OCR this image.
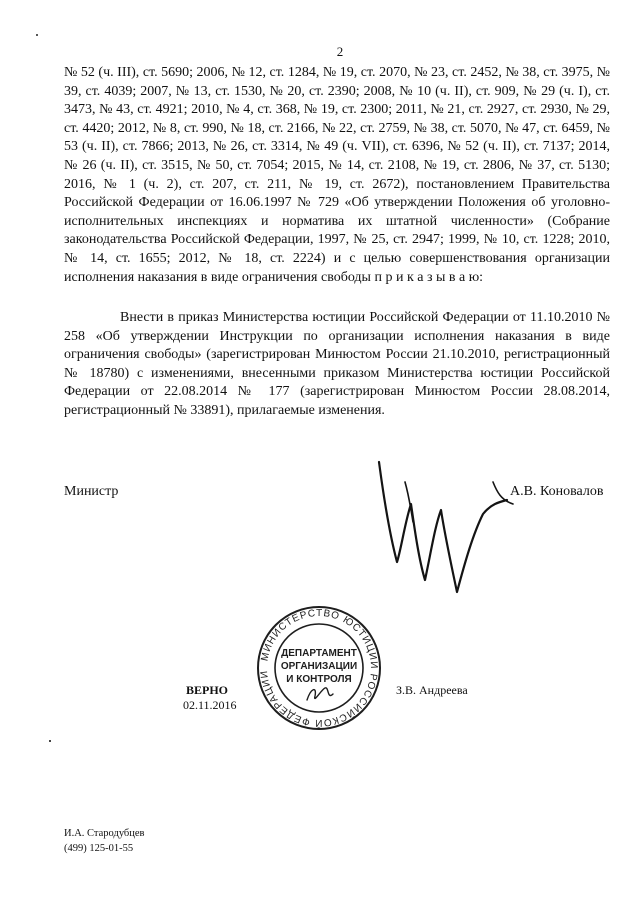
2

№ 52 (ч. III), ст. 5690; 2006, № 12, ст. 1284, № 19, ст. 2070, № 23, ст. 2452, № 38, ст. 3975, № 39, ст. 4039; 2007, № 13, ст. 1530, № 20, ст. 2390; 2008, № 10 (ч. II), ст. 909, № 29 (ч. I), ст. 3473, № 43, ст. 4921; 2010, № 4, ст. 368, № 19, ст. 2300; 2011, № 21, ст. 2927, ст. 2930, № 29, ст. 4420; 2012, № 8, ст. 990, № 18, ст. 2166, № 22, ст. 2759, № 38, ст. 5070, № 47, ст. 6459, № 53 (ч. II), ст. 7866; 2013, № 26, ст. 3314, № 49 (ч. VII), ст. 6396, № 52 (ч. II), ст. 7137; 2014, № 26 (ч. II), ст. 3515, № 50, ст. 7054; 2015, № 14, ст. 2108, № 19, ст. 2806, № 37, ст. 5130; 2016, № 1 (ч. 2), ст. 207, ст. 211, № 19, ст. 2672), постановлением Правительства Российской Федерации от 16.06.1997 № 729 «Об утверждении Положения об уголовно-исполнительных инспекциях и норматива их штатной численности» (Собрание законодательства Российской Федерации, 1997, № 25, ст. 2947; 1999, № 10, ст. 1228; 2010, № 14, ст. 1655; 2012, № 18, ст. 2224) и с целью совершенствования организации исполнения наказания в виде ограничения свободы п р и к а з ы в а ю:

Внести в приказ Министерства юстиции Российской Федерации от 11.10.2010 № 258 «Об утверждении Инструкции по организации исполнения наказания в виде ограничения свободы» (зарегистрирован Минюстом России 21.10.2010, регистрационный № 18780) с изменениями, внесенными приказом Министерства юстиции Российской Федерации от 22.08.2014 № 177 (зарегистрирован Минюстом России 28.08.2014, регистрационный № 33891), прилагаемые изменения.

Министр	А.В. Коновалов
МИНИСТЕРСТВО ЮСТИЦИИ РОССИЙСКОЙ ФЕДЕРАЦИИ
ДЕПАРТАМЕНТ
ОРГАНИЗАЦИИ
И КОНТРОЛЯ
ВЕРНО
02.11.2016
З.В. Андреева
И.А. Стародубцев
(499) 125-01-55
